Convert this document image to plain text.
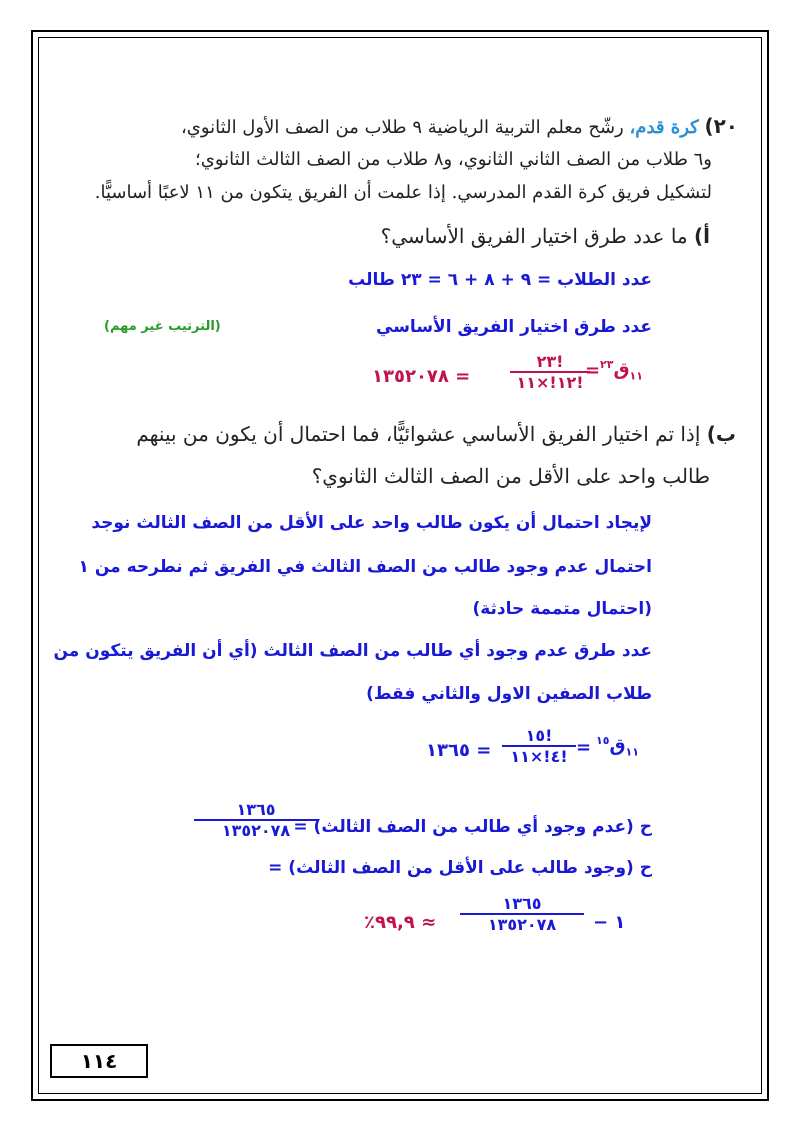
٢٠) كرة قدم، رشّح معلم التربية الرياضية ٩ طلاب من الصف الأول الثانوي،
و٦ طلاب من الصف الثاني الثانوي، و٨ طلاب من الصف الثالث الثانوي؛
لتشكيل فريق كرة القدم المدرسي. إذا علمت أن الفريق يتكون من ١١ لاعبًا أساسيًّا.
أ) ما عدد طرق اختيار الفريق الأساسي؟
عدد الطلاب = ٩ + ٨ + ٦ = ٢٣ طالب
عدد طرق اختيار الفريق الأساسي
(الترتيب غير مهم)
$_{١١}$ق$^{٢٣}$
=
٢٣!
١٢!×١١!
= ١٣٥٢٠٧٨
ب) إذا تم اختيار الفريق الأساسي عشوائيًّا، فما احتمال أن يكون من بينهم
طالب واحد على الأقل من الصف الثالث الثانوي؟
لإيجاد احتمال أن يكون طالب واحد على الأقل من الصف الثالث نوجد
احتمال عدم وجود طالب من الصف الثالث في الفريق ثم نطرحه من ١
(احتمال متممة حادثة)
عدد طرق عدم وجود أي طالب من الصف الثالث (أي أن الفريق يتكون من
طلاب الصفين الاول والثاني فقط)
$_{١١}$ق$^{١٥}$
=
١٥!
٤!×١١!
= ١٣٦٥
ح (عدم وجود أي طالب من الصف الثالث) =
١٣٦٥
١٣٥٢٠٧٨
ح (وجود طالب على الأقل من الصف الثالث) =
١ −
١٣٦٥
١٣٥٢٠٧٨
≈ ٩٩,٩٪
١١٤
